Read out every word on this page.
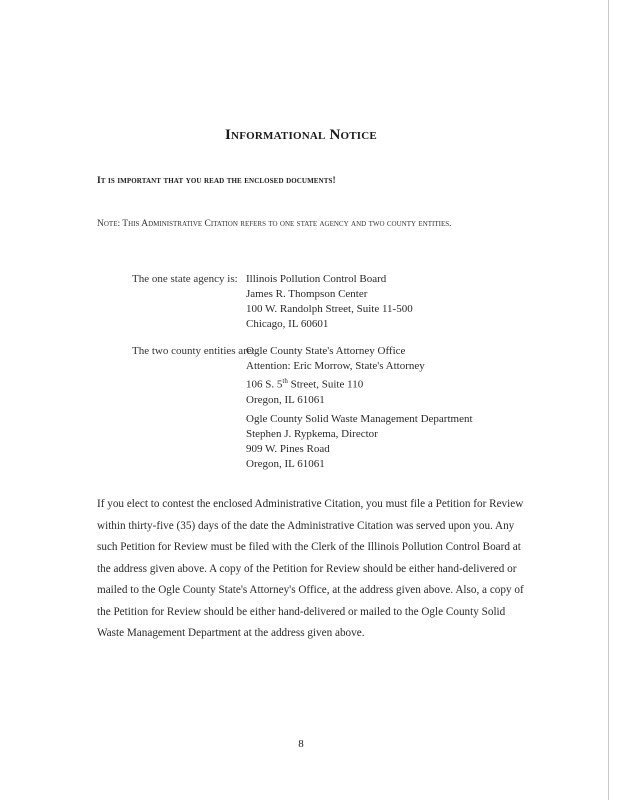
Informational Notice
It is important that you read the enclosed documents!
Note: This Administrative Citation refers to one state agency and two county entities.
The one state agency is: Illinois Pollution Control Board
James R. Thompson Center
100 W. Randolph Street, Suite 11-500
Chicago, IL 60601
The two county entities are:
Ogle County State's Attorney Office
Attention: Eric Morrow, State's Attorney
106 S. 5th Street, Suite 110
Oregon, IL 61061
Ogle County Solid Waste Management Department
Stephen J. Rypkema, Director
909 W. Pines Road
Oregon, IL 61061
If you elect to contest the enclosed Administrative Citation, you must file a Petition for Review within thirty-five (35) days of the date the Administrative Citation was served upon you. Any such Petition for Review must be filed with the Clerk of the Illinois Pollution Control Board at the address given above. A copy of the Petition for Review should be either hand-delivered or mailed to the Ogle County State's Attorney's Office, at the address given above. Also, a copy of the Petition for Review should be either hand-delivered or mailed to the Ogle County Solid Waste Management Department at the address given above.
8
